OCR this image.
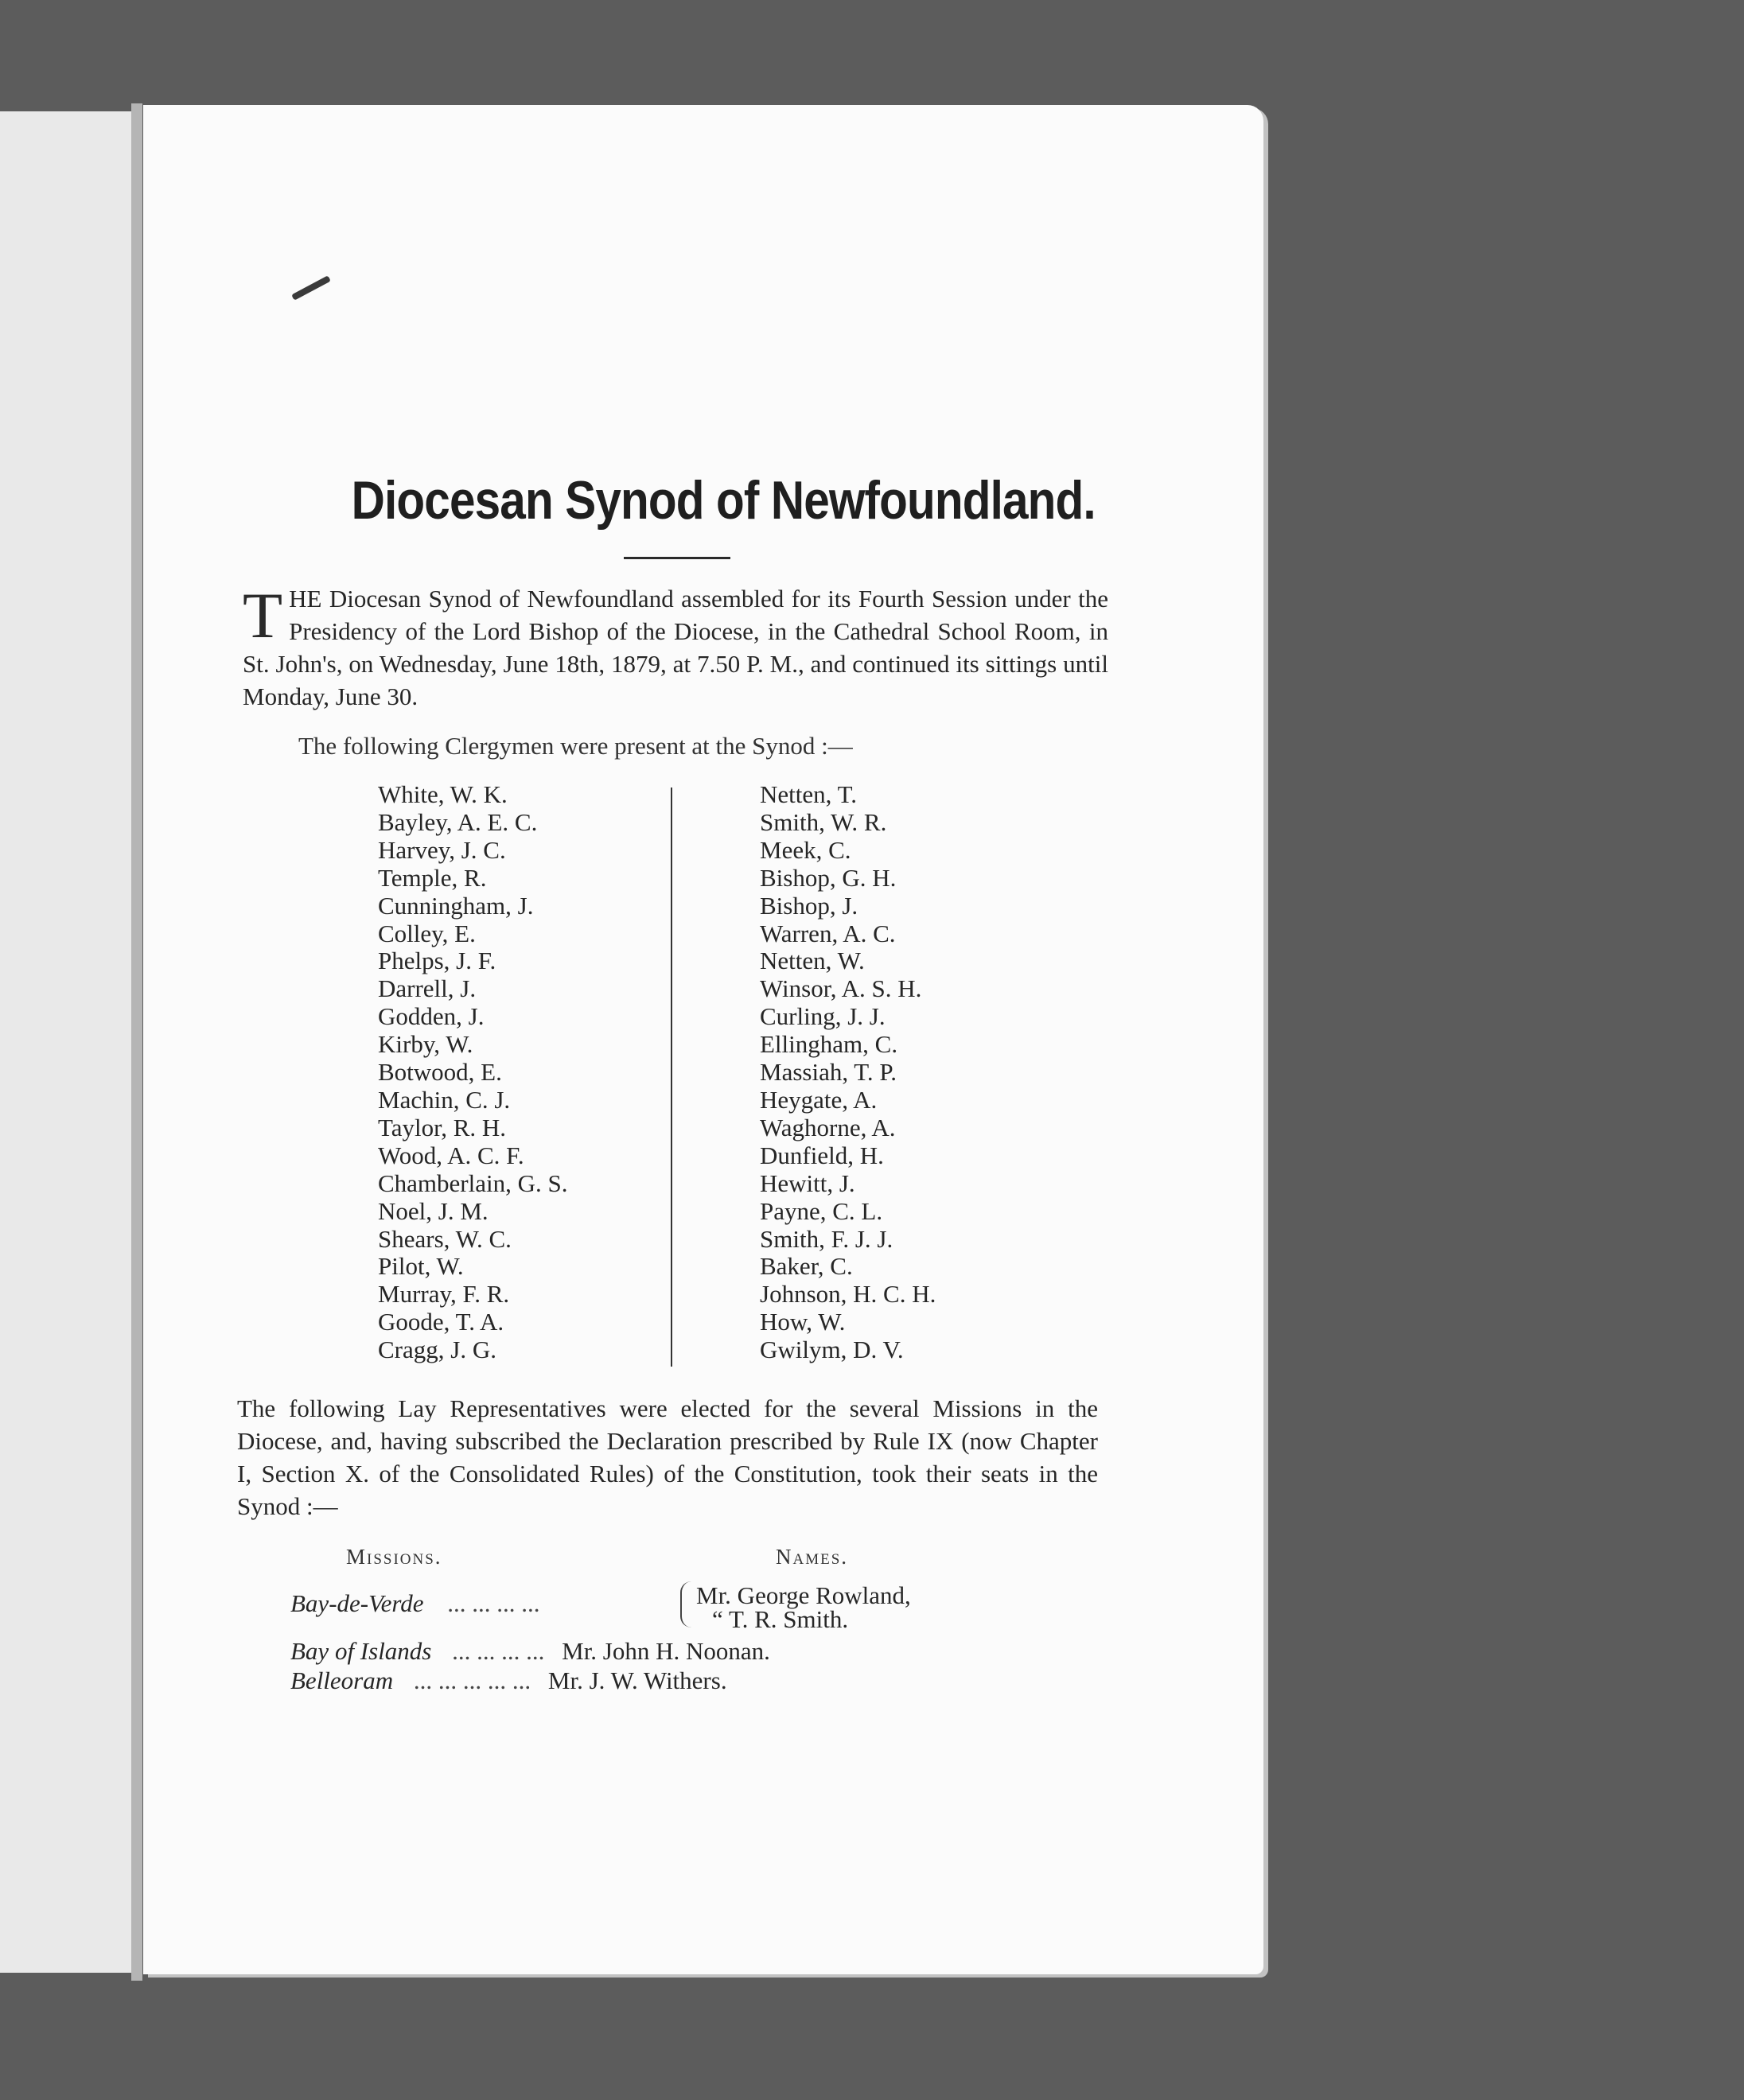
Diocesan Synod of Newfoundland.
THE Diocesan Synod of Newfoundland assembled for its Fourth Session under the Presidency of the Lord Bishop of the Diocese, in the Cathedral School Room, in St. John's, on Wednesday, June 18th, 1879, at 7.50 P. M., and continued its sittings until Monday, June 30.
The following Clergymen were present at the Synod :—
White, W. K.
Bayley, A. E. C.
Harvey, J. C.
Temple, R.
Cunningham, J.
Colley, E.
Phelps, J. F.
Darrell, J.
Godden, J.
Kirby, W.
Botwood, E.
Machin, C. J.
Taylor, R. H.
Wood, A. C. F.
Chamberlain, G. S.
Noel, J. M.
Shears, W. C.
Pilot, W.
Murray, F. R.
Goode, T. A.
Cragg, J. G.
Netten, T.
Smith, W. R.
Meek, C.
Bishop, G. H.
Bishop, J.
Warren, A. C.
Netten, W.
Winsor, A. S. H.
Curling, J. J.
Ellingham, C.
Massiah, T. P.
Heygate, A.
Waghorne, A.
Dunfield, H.
Hewitt, J.
Payne, C. L.
Smith, F. J. J.
Baker, C.
Johnson, H. C. H.
How, W.
Gwilym, D. V.
The following Lay Representatives were elected for the several Missions in the Diocese, and, having subscribed the Declaration prescribed by Rule IX (now Chapter I, Section X. of the Consolidated Rules) of the Constitution, took their seats in the Synod :—
Missions.	Names.
Bay-de-Verde ... ... ... ...	Mr. George Rowland,
“ T. R. Smith.
Bay of Islands ... ... ... ... Mr. John H. Noonan.
Belleoram ... ... ... ... ... Mr. J. W. Withers.
